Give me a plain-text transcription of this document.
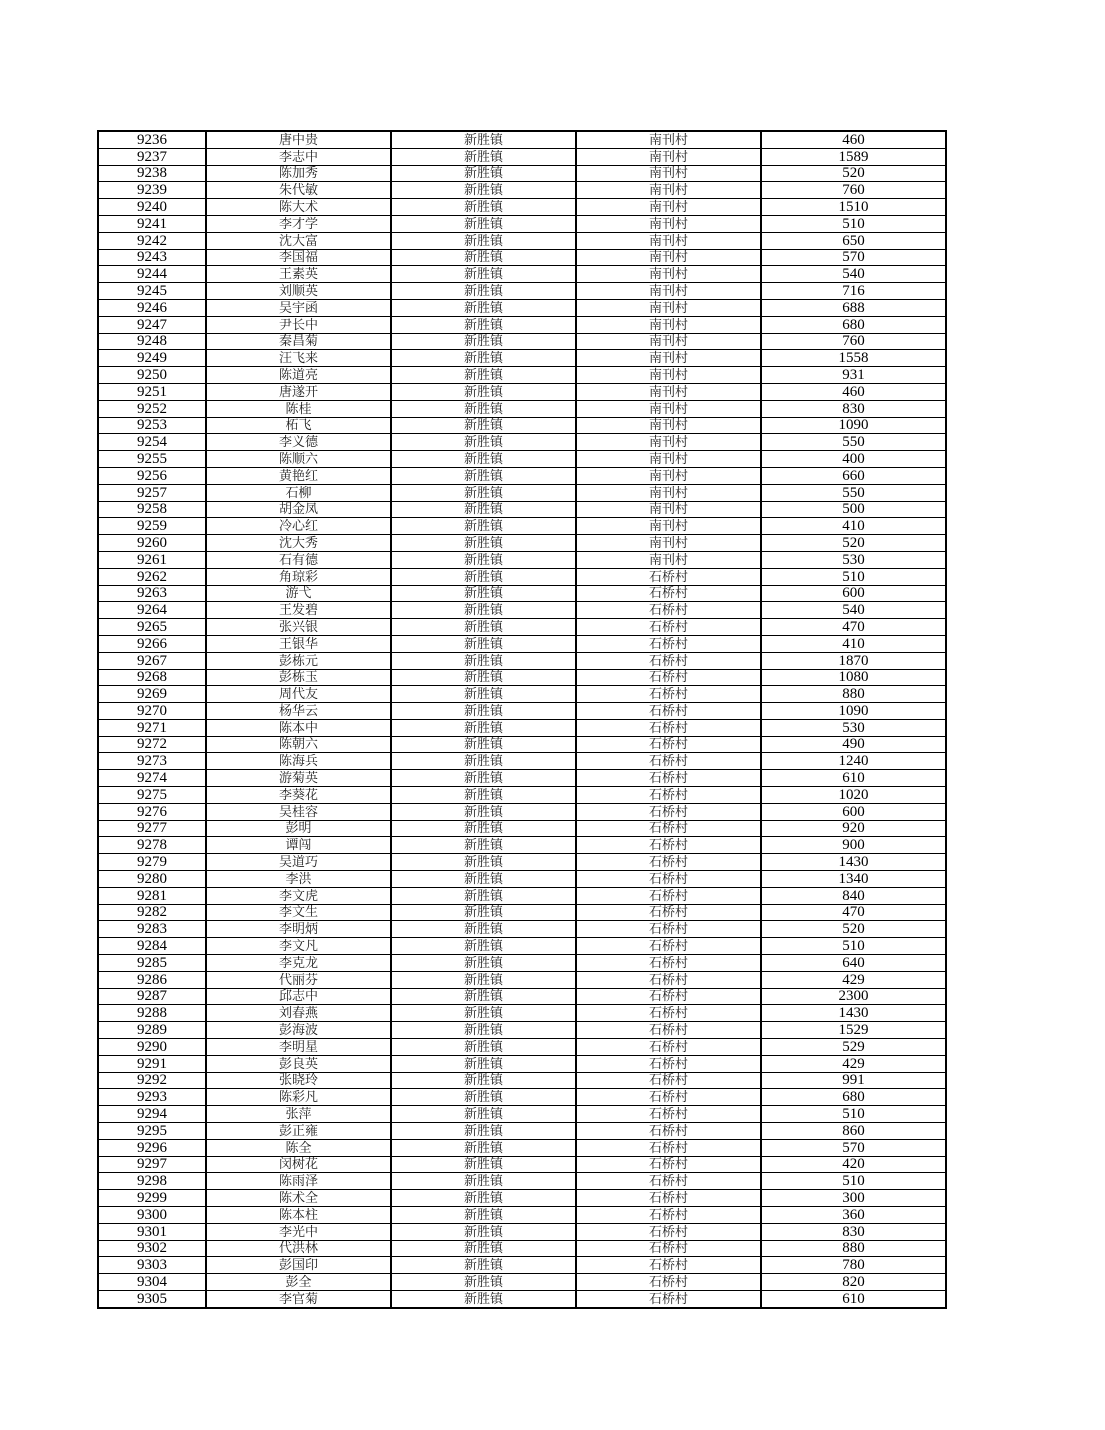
9236	唐中贵	新胜镇	南刊村	460
9237	李志中	新胜镇	南刊村	1589
9238	陈加秀	新胜镇	南刊村	520
9239	朱代敏	新胜镇	南刊村	760
9240	陈大术	新胜镇	南刊村	1510
9241	李才学	新胜镇	南刊村	510
9242	沈大富	新胜镇	南刊村	650
9243	李国福	新胜镇	南刊村	570
9244	王素英	新胜镇	南刊村	540
9245	刘顺英	新胜镇	南刊村	716
9246	吴宇函	新胜镇	南刊村	688
9247	尹长中	新胜镇	南刊村	680
9248	秦昌菊	新胜镇	南刊村	760
9249	汪飞来	新胜镇	南刊村	1558
9250	陈道亮	新胜镇	南刊村	931
9251	唐遂开	新胜镇	南刊村	460
9252	陈桂	新胜镇	南刊村	830
9253	柘飞	新胜镇	南刊村	1090
9254	李义德	新胜镇	南刊村	550
9255	陈顺六	新胜镇	南刊村	400
9256	黄艳红	新胜镇	南刊村	660
9257	石柳	新胜镇	南刊村	550
9258	胡金凤	新胜镇	南刊村	500
9259	冷心红	新胜镇	南刊村	410
9260	沈大秀	新胜镇	南刊村	520
9261	石有德	新胜镇	南刊村	530
9262	角琼彩	新胜镇	石桥村	510
9263	游弋	新胜镇	石桥村	600
9264	王发碧	新胜镇	石桥村	540
9265	张兴银	新胜镇	石桥村	470
9266	王银华	新胜镇	石桥村	410
9267	彭栋元	新胜镇	石桥村	1870
9268	彭栋玉	新胜镇	石桥村	1080
9269	周代友	新胜镇	石桥村	880
9270	杨华云	新胜镇	石桥村	1090
9271	陈本中	新胜镇	石桥村	530
9272	陈朝六	新胜镇	石桥村	490
9273	陈海兵	新胜镇	石桥村	1240
9274	游菊英	新胜镇	石桥村	610
9275	李葵花	新胜镇	石桥村	1020
9276	吴桂容	新胜镇	石桥村	600
9277	彭明	新胜镇	石桥村	920
9278	谭闯	新胜镇	石桥村	900
9279	吴道巧	新胜镇	石桥村	1430
9280	李洪	新胜镇	石桥村	1340
9281	李文虎	新胜镇	石桥村	840
9282	李文生	新胜镇	石桥村	470
9283	李明炳	新胜镇	石桥村	520
9284	李文凡	新胜镇	石桥村	510
9285	李克龙	新胜镇	石桥村	640
9286	代丽芬	新胜镇	石桥村	429
9287	邱志中	新胜镇	石桥村	2300
9288	刘春燕	新胜镇	石桥村	1430
9289	彭海波	新胜镇	石桥村	1529
9290	李明星	新胜镇	石桥村	529
9291	彭良英	新胜镇	石桥村	429
9292	张晓玲	新胜镇	石桥村	991
9293	陈彩凡	新胜镇	石桥村	680
9294	张萍	新胜镇	石桥村	510
9295	彭正雍	新胜镇	石桥村	860
9296	陈全	新胜镇	石桥村	570
9297	闵树花	新胜镇	石桥村	420
9298	陈雨泽	新胜镇	石桥村	510
9299	陈术全	新胜镇	石桥村	300
9300	陈本柱	新胜镇	石桥村	360
9301	李光中	新胜镇	石桥村	830
9302	代洪林	新胜镇	石桥村	880
9303	彭国印	新胜镇	石桥村	780
9304	彭全	新胜镇	石桥村	820
9305	李官菊	新胜镇	石桥村	610
